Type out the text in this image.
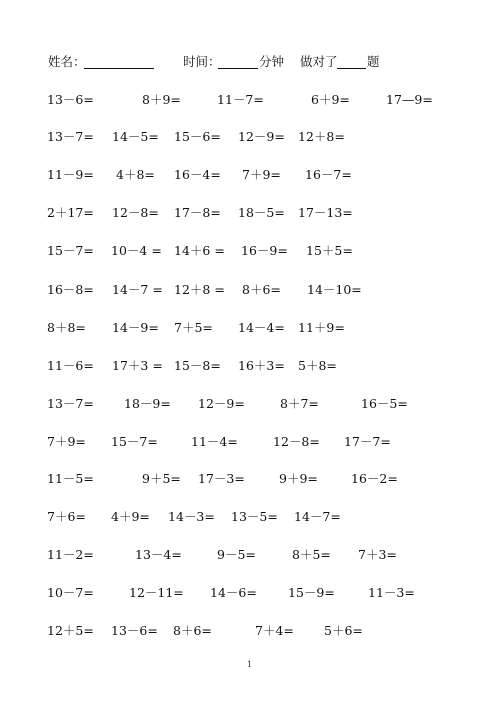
姓名：	时间：	分钟 做对了 题
13－6=	8＋9=	11－7=	6＋9=	17—9=
13－7= 14－5= 15－6= 12－9= 12＋8=
11－9= 4＋8= 16－4= 7＋9= 16－7=
2＋17= 12－8= 17－8= 18－5= 17－13=
15－7= 10－4 = 14＋6 = 16－9= 15＋5=
16－8= 14－7 = 12＋8 = 8＋6= 14－10=
8＋8= 14－9= 7＋5= 14－4= 11＋9=
11－6= 17＋3 = 15－8= 16＋3= 5＋8=
13－7= 18－9= 12－9=	8＋7=	16－5=
7＋9= 15－7=	11－4=	12－8= 17－7=
11－5=	9＋5= 17－3=	9＋9=	16－2=
7＋6= 4＋9= 14－3= 13－5= 14－7=
11－2=	13－4=	9－5=	8＋5= 7＋3=
10－7=	12－11= 14－6= 15－9=	11－3=
12＋5= 13－6= 8＋6=	7＋4= 5＋6=
1
